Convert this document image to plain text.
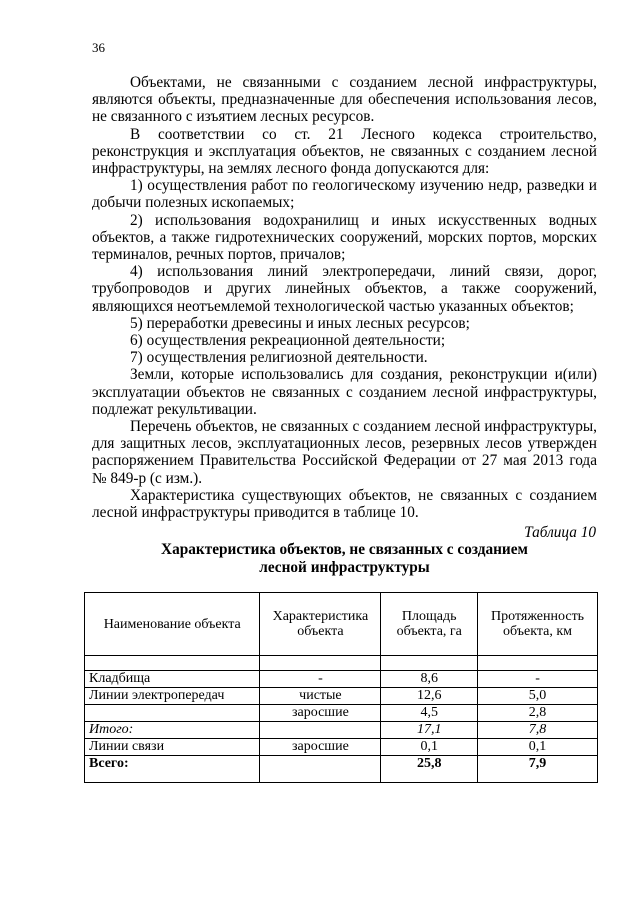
36

Объектами, не связанными с созданием лесной инфраструктуры, являются объекты, предназначенные для обеспечения использования лесов, не связанного с изъятием лесных ресурсов.

В соответствии со ст. 21 Лесного кодекса строительство, реконструкция и эксплуатация объектов, не связанных с созданием лесной инфраструктуры, на землях лесного фонда допускаются для:

1) осуществления работ по геологическому изучению недр, разведки и добычи полезных ископаемых;

2) использования водохранилищ и иных искусственных водных объектов, а также гидротехнических сооружений, морских портов, морских терминалов, речных портов, причалов;

4) использования линий электропередачи, линий связи, дорог, трубопроводов и других линейных объектов, а также сооружений, являющихся неотъемлемой технологической частью указанных объектов;

5) переработки древесины и иных лесных ресурсов;

6) осуществления рекреационной деятельности;

7) осуществления религиозной деятельности.

Земли, которые использовались для создания, реконструкции и(или) эксплуатации объектов не связанных с созданием лесной инфраструктуры, подлежат рекультивации.

Перечень объектов, не связанных с созданием лесной инфраструктуры, для защитных лесов, эксплуатационных лесов, резервных лесов утвержден распоряжением Правительства Российской Федерации от 27 мая 2013 года № 849-р (с изм.).

Характеристика существующих объектов, не связанных с созданием лесной инфраструктуры приводится в таблице 10.

Таблица 10
Характеристика объектов, не связанных с созданием
лесной инфраструктуры
Наименование объекта	Характеристика объекта	Площадь объекта, га	Протяженность объекта, км

Кладбища	-	8,6	-
Линии электропередач	чистые	12,6	5,0
	заросшие	4,5	2,8
Итого:		17,1	7,8
Линии связи	заросшие	0,1	0,1
Всего:		25,8	7,9
